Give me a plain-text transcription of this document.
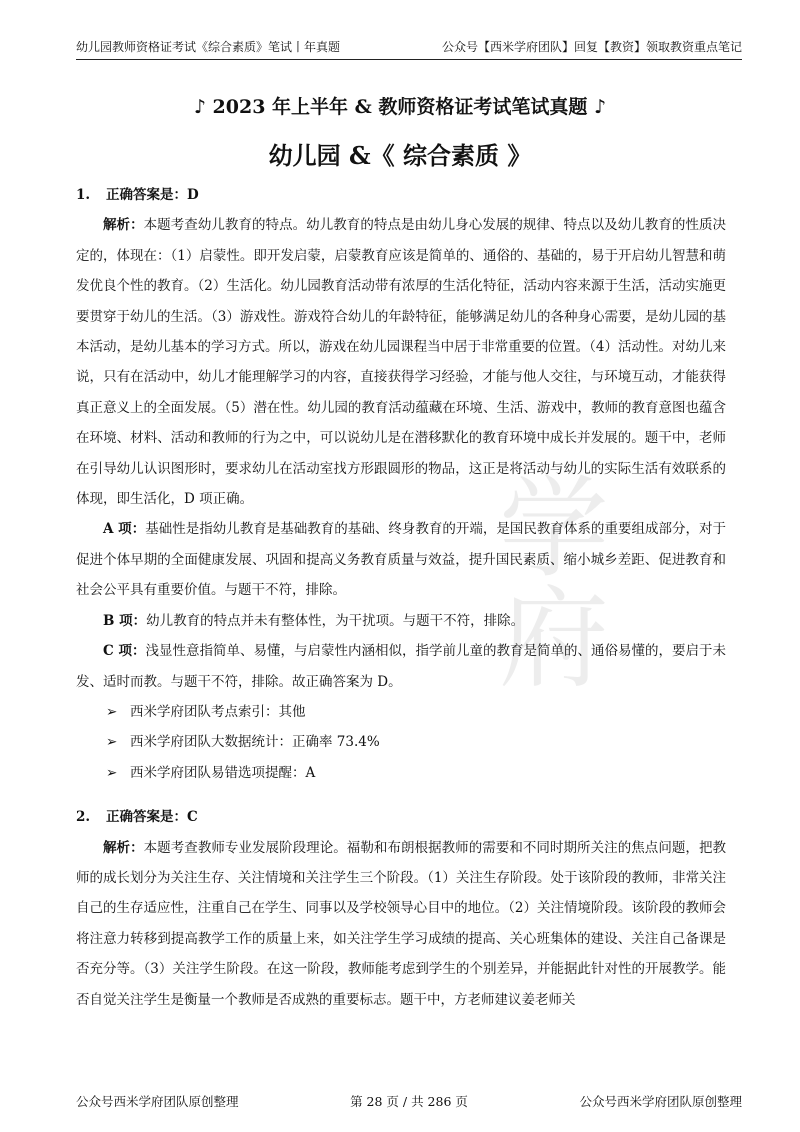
幼儿园教师资格证考试《综合素质》笔试丨年真题	公众号【西米学府团队】回复【教资】领取教资重点笔记
学府
♪ 2023 年上半年 & 教师资格证考试笔试真题 ♪
幼儿园 &《 综合素质 》
1. 正确答案是：D

解析：本题考查幼儿教育的特点。幼儿教育的特点是由幼儿身心发展的规律、特点以及幼儿教育的性质决定的，体现在：（1）启蒙性。即开发启蒙，启蒙教育应该是简单的、通俗的、基础的，易于开启幼儿智慧和萌发优良个性的教育。（2）生活化。幼儿园教育活动带有浓厚的生活化特征，活动内容来源于生活，活动实施更要贯穿于幼儿的生活。（3）游戏性。游戏符合幼儿的年龄特征，能够满足幼儿的各种身心需要，是幼儿园的基本活动，是幼儿基本的学习方式。所以，游戏在幼儿园课程当中居于非常重要的位置。（4）活动性。对幼儿来说，只有在活动中，幼儿才能理解学习的内容，直接获得学习经验，才能与他人交往，与环境互动，才能获得真正意义上的全面发展。（5）潜在性。幼儿园的教育活动蕴藏在环境、生活、游戏中，教师的教育意图也蕴含在环境、材料、活动和教师的行为之中，可以说幼儿是在潜移默化的教育环境中成长并发展的。题干中，老师在引导幼儿认识图形时，要求幼儿在活动室找方形跟圆形的物品，这正是将活动与幼儿的实际生活有效联系的体现，即生活化，D 项正确。

A 项：基础性是指幼儿教育是基础教育的基础、终身教育的开端，是国民教育体系的重要组成部分，对于促进个体早期的全面健康发展、巩固和提高义务教育质量与效益，提升国民素质、缩小城乡差距、促进教育和社会公平具有重要价值。与题干不符，排除。

B 项：幼儿教育的特点并未有整体性，为干扰项。与题干不符，排除。

C 项：浅显性意指简单、易懂，与启蒙性内涵相似，指学前儿童的教育是简单的、通俗易懂的，要启于未发、适时而教。与题干不符，排除。故正确答案为 D。

➢ 西米学府团队考点索引：其他
➢ 西米学府团队大数据统计：正确率 73.4%
➢ 西米学府团队易错选项提醒：A
2. 正确答案是：C

解析：本题考查教师专业发展阶段理论。福勒和布朗根据教师的需要和不同时期所关注的焦点问题，把教师的成长划分为关注生存、关注情境和关注学生三个阶段。（1）关注生存阶段。处于该阶段的教师，非常关注自己的生存适应性，注重自己在学生、同事以及学校领导心目中的地位。（2）关注情境阶段。该阶段的教师会将注意力转移到提高教学工作的质量上来，如关注学生学习成绩的提高、关心班集体的建设、关注自己备课是否充分等。（3）关注学生阶段。在这一阶段，教师能考虑到学生的个别差异，并能据此针对性的开展教学。能否自觉关注学生是衡量一个教师是否成熟的重要标志。题干中，方老师建议姜老师关

公众号西米学府团队原创整理	第 28 页 / 共 286 页	公众号西米学府团队原创整理
